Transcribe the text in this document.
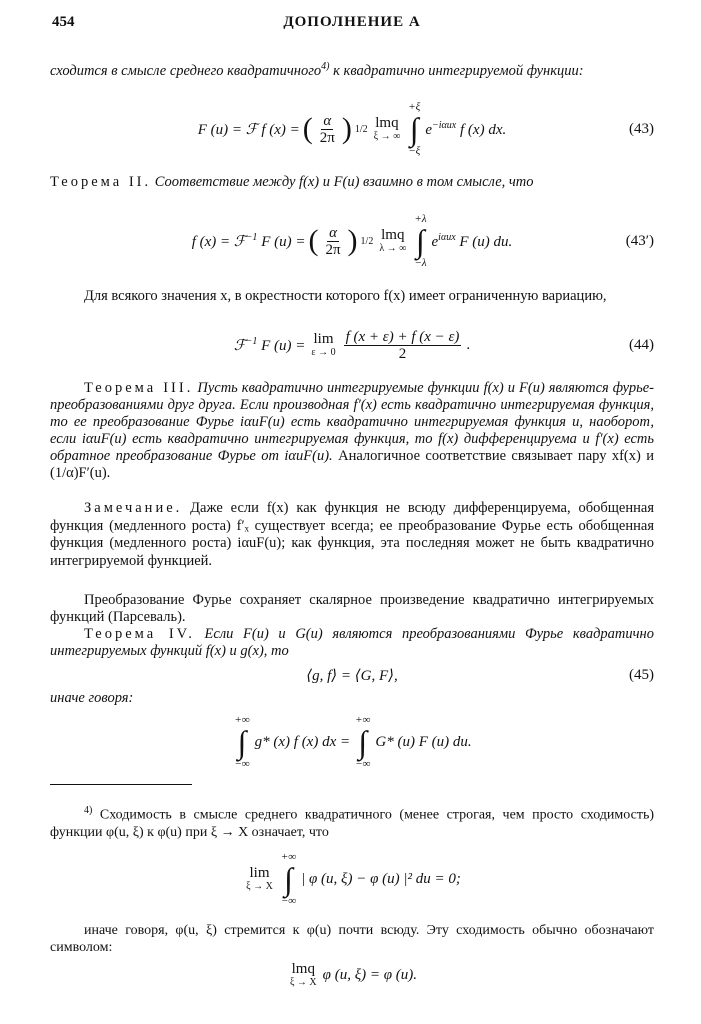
454	ДОПОЛНЕНИЕ А
сходится в смысле среднего квадратичного$^{4)}$ к квадратично интегрируемой функции:
F (u) = ℱ f (x) = ( $\frac{\alpha}{2\pi}$ ) 1/2 lmq
ξ → ∞
+ξ
∫
−ξ
$e^{-i\alpha ux}$ f (x) dx.	(43)
Теорема II. Соответствие между f(x) и F(u) взаимно в том смысле, что
f (x) = ℱ$^{-1}$ F (u) = ( $\frac{\alpha}{2\pi}$ ) 1/2 lmq
λ → ∞
+λ
∫
−λ
$e^{i\alpha ux}$ F (u) du.	(43′)
Для всякого значения x, в окрестности которого f(x) имеет ограниченную вариацию,
ℱ$^{-1}$ F (u) = lim
$\varepsilon \to 0 \frac{f (x + \varepsilon) + f (x - \varepsilon)}{2}$ .	(44)
Теорема III. Пусть квадратично интегрируемые функции f(x) и F(u) являются фурье-преобразованиями друг друга. Если производная f′(x) есть квадратично интегрируемая функция, то ее преобразование Фурье iαuF(u) есть квадратично интегрируемая функция u, наоборот, если iαuF(u) есть квадратично интегрируемая функция, то f(x) дифференцируема и f′(x) есть обратное преобразование Фурье от iαuF(u). Аналогичное соответствие связывает пару xf(x) и (1/α)F′(u).
Замечание. Даже если f(x) как функция не всюду дифференцируема, обобщенная функция (медленного роста) f′ₓ существует всегда; ее преобразование Фурье есть обобщенная функция (медленного роста) iαuF(u); как функция, эта последняя может не быть квадратично интегрируемой функцией.
Преобразование Фурье сохраняет скалярное произведение квадратично интегрируемых функций (Парсеваль).
Теорема IV. Если F(u) и G(u) являются преобразованиями Фурье квадратично интегрируемых функций f(x) и g(x), то
⟨g, f⟩ = ⟨G, F⟩,	(45)
иначе говоря:
+∞
∫
−∞
g* (x) f (x) dx =
+∞
∫
−∞
G* (u) F (u) du.
$^{4)}$ Сходимость в смысле среднего квадратичного (менее строгая, чем просто сходимость) функции φ(u, ξ) к φ(u) при ξ → X означает, что
lim
ξ → X
+∞
∫
−∞
| φ (u, ξ) − φ (u) |² du = 0;
иначе говоря, φ(u, ξ) стремится к φ(u) почти всюду. Эту сходимость обычно обозначают символом:
lmq
ξ → X φ (u, ξ) = φ (u).
